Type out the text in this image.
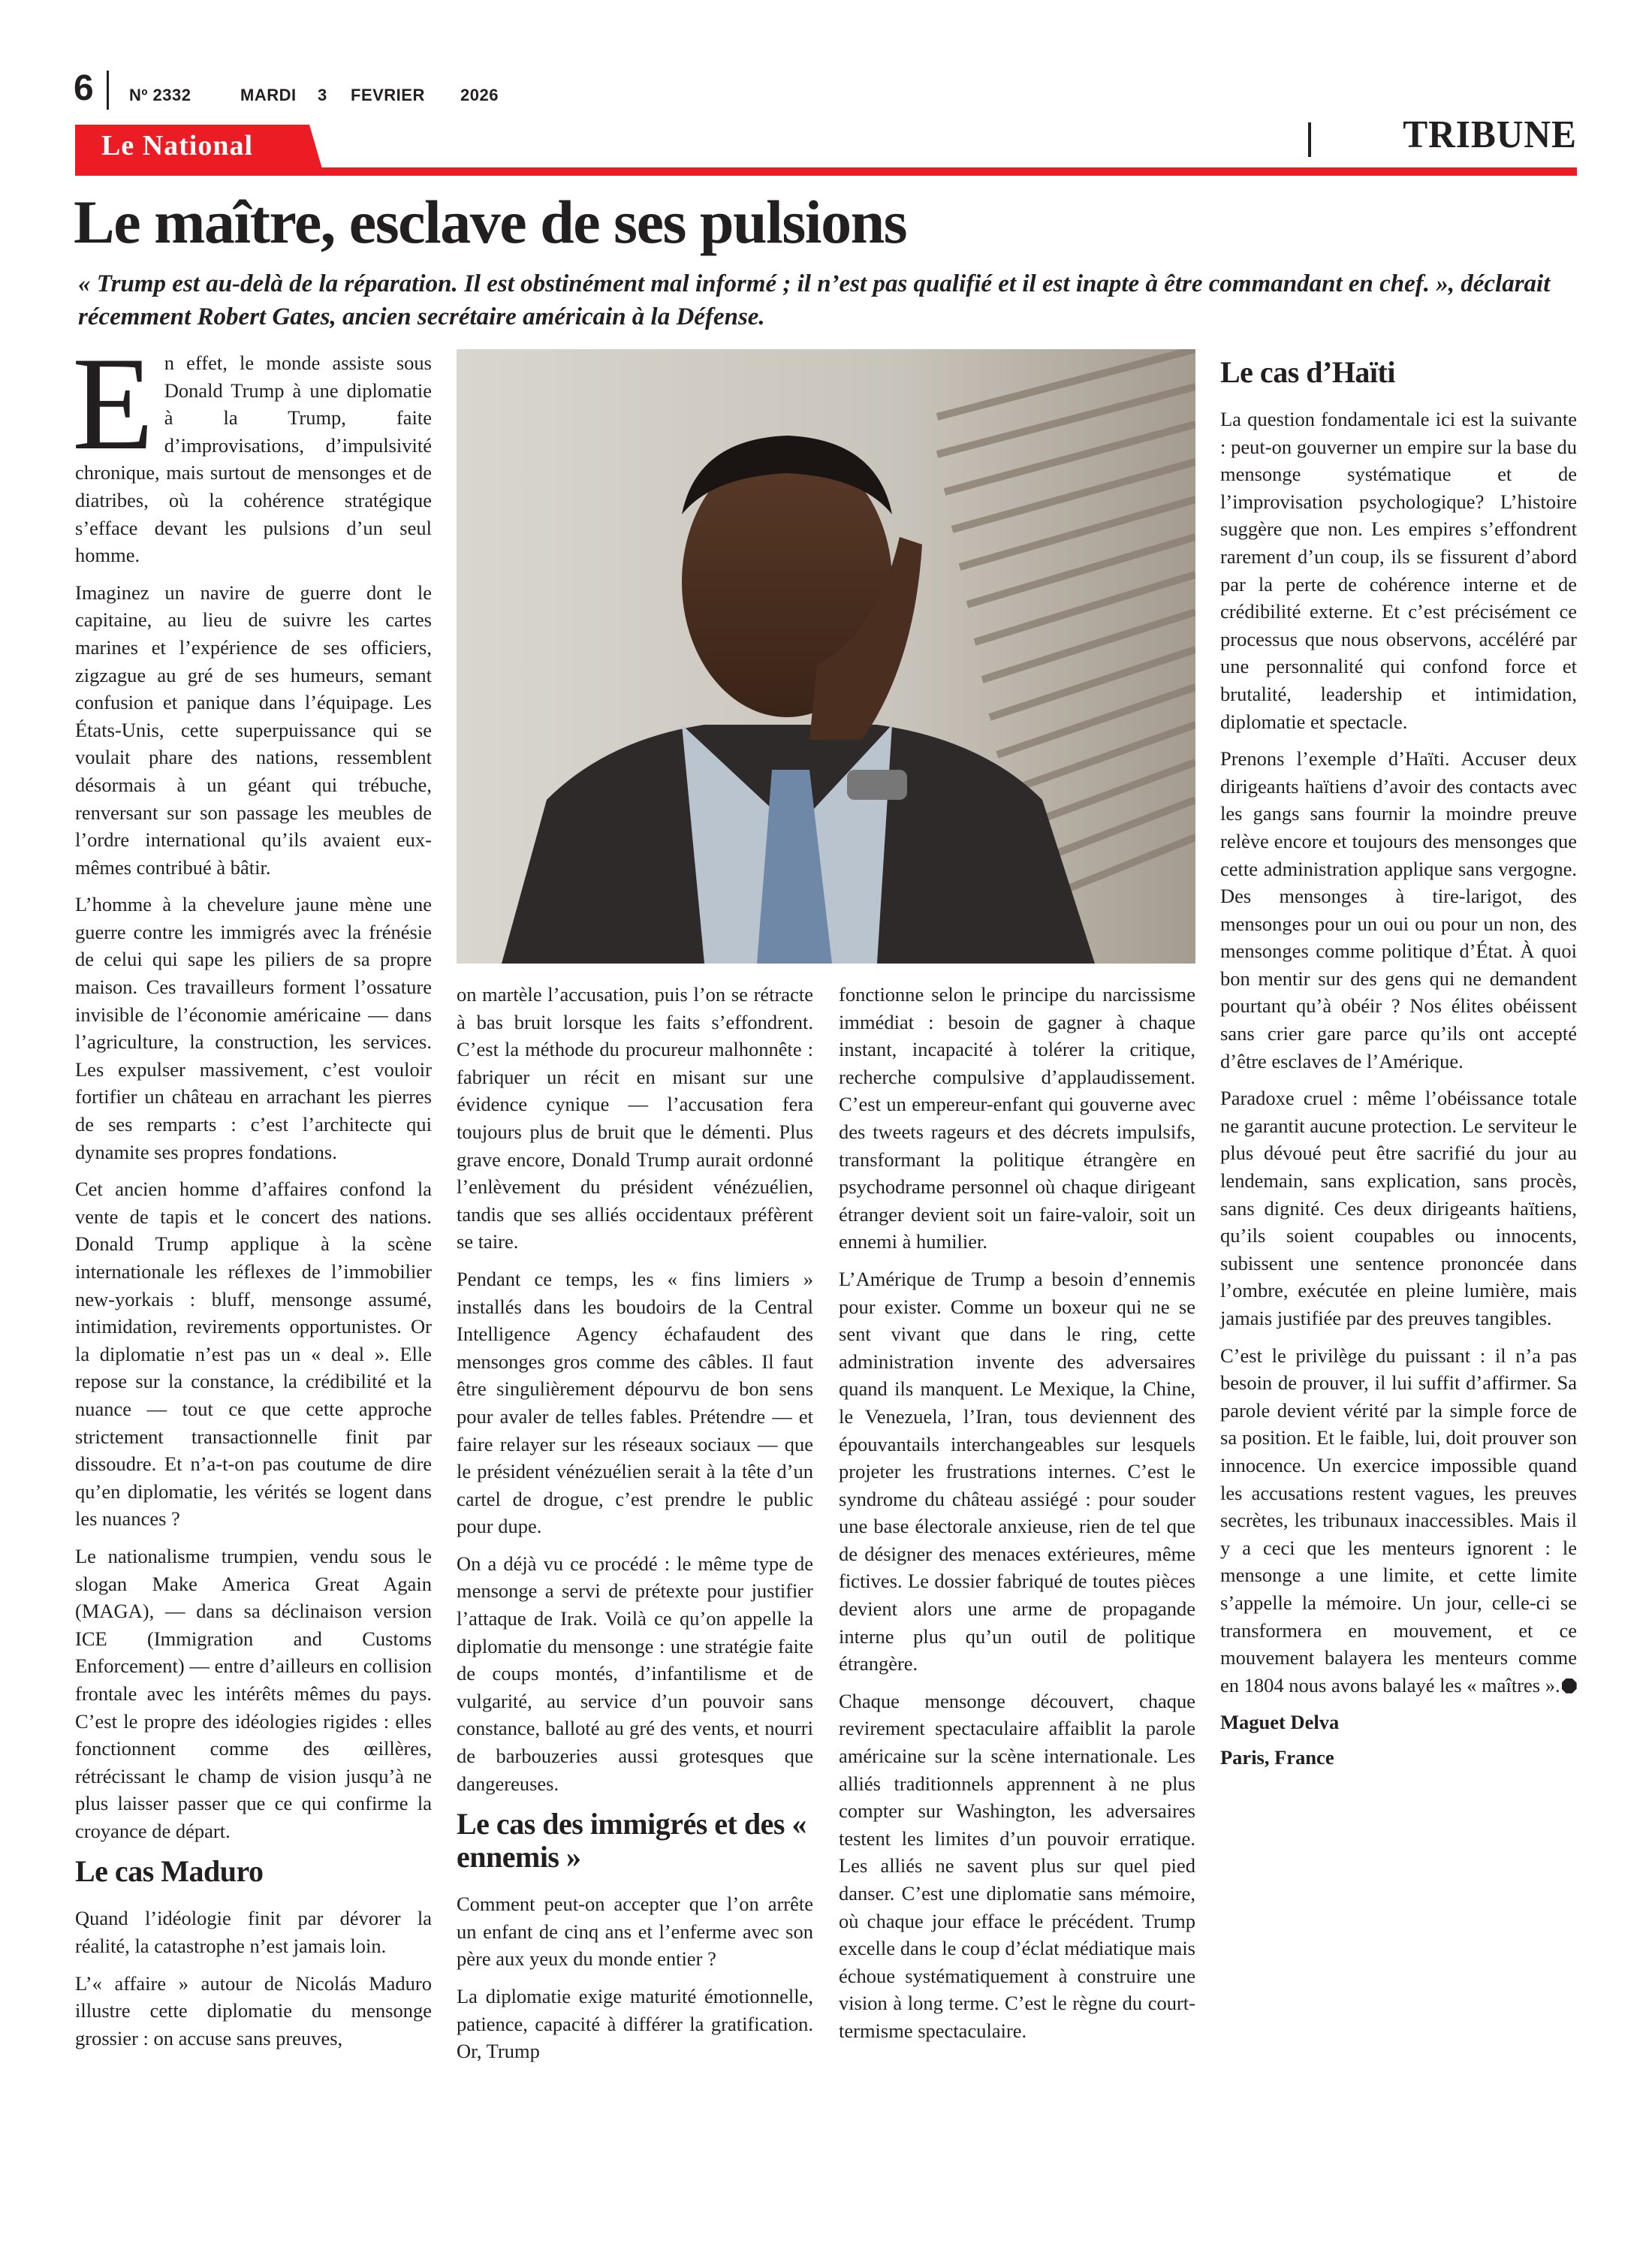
6 Nº 2332	MARDI 3 FEVRIER 2026
Le National	TRIBUNE
Le maître, esclave de ses pulsions
« Trump est au-delà de la réparation. Il est obstinément mal informé ; il n’est pas qualifié et il est inapte à être commandant en chef. », déclarait récemment Robert Gates, ancien secrétaire américain à la Défense.

En effet, le monde assiste sous Donald Trump à une diplomatie à la Trump, faite d’improvisations, d’impulsivité chronique, mais surtout de mensonges et de diatribes, où la cohérence stratégique s’efface devant les pulsions d’un seul homme.

Imaginez un navire de guerre dont le capitaine, au lieu de suivre les cartes marines et l’expérience de ses officiers, zigzague au gré de ses humeurs, semant confusion et panique dans l’équipage. Les États-Unis, cette superpuissance qui se voulait phare des nations, ressemblent désormais à un géant qui trébuche, renversant sur son passage les meubles de l’ordre international qu’ils avaient eux-mêmes contribué à bâtir.

L’homme à la chevelure jaune mène une guerre contre les immigrés avec la frénésie de celui qui sape les piliers de sa propre maison. Ces travailleurs forment l’ossature invisible de l’économie américaine — dans l’agriculture, la construction, les services. Les expulser massivement, c’est vouloir fortifier un château en arrachant les pierres de ses remparts : c’est l’architecte qui dynamite ses propres fondations.

Cet ancien homme d’affaires confond la vente de tapis et le concert des nations. Donald Trump applique à la scène internationale les réflexes de l’immobilier new-yorkais : bluff, mensonge assumé, intimidation, revirements opportunistes. Or la diplomatie n’est pas un « deal ». Elle repose sur la constance, la crédibilité et la nuance — tout ce que cette approche strictement transactionnelle finit par dissoudre. Et n’a-t-on pas coutume de dire qu’en diplomatie, les vérités se logent dans les nuances ?

Le nationalisme trumpien, vendu sous le slogan Make America Great Again (MAGA), — dans sa déclinaison version ICE (Immigration and Customs Enforcement) — entre d’ailleurs en collision frontale avec les intérêts mêmes du pays. C’est le propre des idéologies rigides : elles fonctionnent comme des œillères, rétrécissant le champ de vision jusqu’à ne plus laisser passer que ce qui confirme la croyance de départ.

Le cas Maduro

Quand l’idéologie finit par dévorer la réalité, la catastrophe n’est jamais loin.

L’« affaire » autour de Nicolás Maduro illustre cette diplomatie du mensonge grossier : on accuse sans preuves,

on martèle l’accusation, puis l’on se rétracte à bas bruit lorsque les faits s’effondrent. C’est la méthode du procureur malhonnête : fabriquer un récit en misant sur une évidence cynique — l’accusation fera toujours plus de bruit que le démenti. Plus grave encore, Donald Trump aurait ordonné l’enlèvement du président vénézuélien, tandis que ses alliés occidentaux préfèrent se taire.

Pendant ce temps, les « fins limiers » installés dans les boudoirs de la Central Intelligence Agency échafaudent des mensonges gros comme des câbles. Il faut être singulièrement dépourvu de bon sens pour avaler de telles fables. Prétendre — et faire relayer sur les réseaux sociaux — que le président vénézuélien serait à la tête d’un cartel de drogue, c’est prendre le public pour dupe.

On a déjà vu ce procédé : le même type de mensonge a servi de prétexte pour justifier l’attaque de Irak. Voilà ce qu’on appelle la diplomatie du mensonge : une stratégie faite de coups montés, d’infantilisme et de vulgarité, au service d’un pouvoir sans constance, balloté au gré des vents, et nourri de barbouzeries aussi grotesques que dangereuses.

Le cas des immigrés et des « ennemis »

Comment peut-on accepter que l’on arrête un enfant de cinq ans et l’enferme avec son père aux yeux du monde entier ?

La diplomatie exige maturité émotionnelle, patience, capacité à différer la gratification. Or, Trump

fonctionne selon le principe du narcissisme immédiat : besoin de gagner à chaque instant, incapacité à tolérer la critique, recherche compulsive d’applaudissement. C’est un empereur-enfant qui gouverne avec des tweets rageurs et des décrets impulsifs, transformant la politique étrangère en psychodrame personnel où chaque dirigeant étranger devient soit un faire-valoir, soit un ennemi à humilier.

L’Amérique de Trump a besoin d’ennemis pour exister. Comme un boxeur qui ne se sent vivant que dans le ring, cette administration invente des adversaires quand ils manquent. Le Mexique, la Chine, le Venezuela, l’Iran, tous deviennent des épouvantails interchangeables sur lesquels projeter les frustrations internes. C’est le syndrome du château assiégé : pour souder une base électorale anxieuse, rien de tel que de désigner des menaces extérieures, même fictives. Le dossier fabriqué de toutes pièces devient alors une arme de propagande interne plus qu’un outil de politique étrangère.

Chaque mensonge découvert, chaque revirement spectaculaire affaiblit la parole américaine sur la scène internationale. Les alliés traditionnels apprennent à ne plus compter sur Washington, les adversaires testent les limites d’un pouvoir erratique. Les alliés ne savent plus sur quel pied danser. C’est une diplomatie sans mémoire, où chaque jour efface le précédent. Trump excelle dans le coup d’éclat médiatique mais échoue systématiquement à construire une vision à long terme. C’est le règne du court-termisme spectaculaire.

Le cas d’Haïti

La question fondamentale ici est la suivante : peut-on gouverner un empire sur la base du mensonge systématique et de l’improvisation psychologique? L’histoire suggère que non. Les empires s’effondrent rarement d’un coup, ils se fissurent d’abord par la perte de cohérence interne et de crédibilité externe. Et c’est précisément ce processus que nous observons, accéléré par une personnalité qui confond force et brutalité, leadership et intimidation, diplomatie et spectacle.

Prenons l’exemple d’Haïti. Accuser deux dirigeants haïtiens d’avoir des contacts avec les gangs sans fournir la moindre preuve relève encore et toujours des mensonges que cette administration applique sans vergogne. Des mensonges à tire-larigot, des mensonges pour un oui ou pour un non, des mensonges comme politique d’État. À quoi bon mentir sur des gens qui ne demandent pourtant qu’à obéir ? Nos élites obéissent sans crier gare parce qu’ils ont accepté d’être esclaves de l’Amérique.

Paradoxe cruel : même l’obéissance totale ne garantit aucune protection. Le serviteur le plus dévoué peut être sacrifié du jour au lendemain, sans explication, sans procès, sans dignité. Ces deux dirigeants haïtiens, qu’ils soient coupables ou innocents, subissent une sentence prononcée dans l’ombre, exécutée en pleine lumière, mais jamais justifiée par des preuves tangibles.

C’est le privilège du puissant : il n’a pas besoin de prouver, il lui suffit d’affirmer. Sa parole devient vérité par la simple force de sa position. Et le faible, lui, doit prouver son innocence. Un exercice impossible quand les accusations restent vagues, les preuves secrètes, les tribunaux inaccessibles. Mais il y a ceci que les menteurs ignorent : le mensonge a une limite, et cette limite s’appelle la mémoire. Un jour, celle-ci se transformera en mouvement, et ce mouvement balayera les menteurs comme en 1804 nous avons balayé les « maîtres ».

Maguet Delva

Paris, France
